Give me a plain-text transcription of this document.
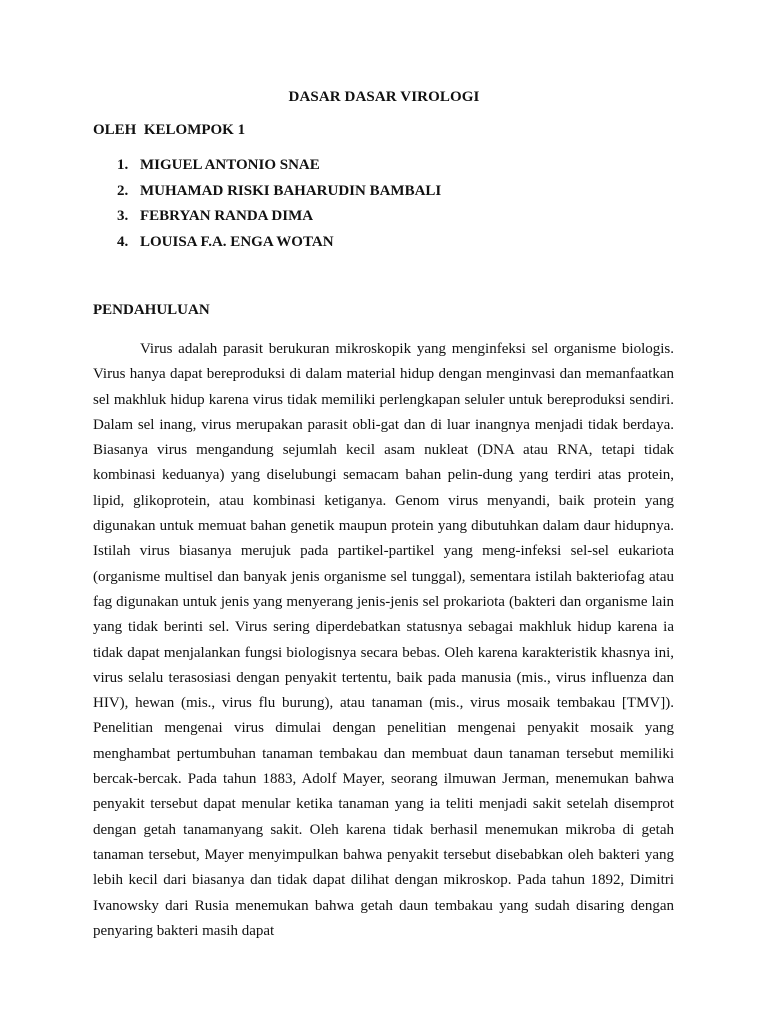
DASAR DASAR VIROLOGI
OLEH  KELOMPOK 1
1. MIGUEL ANTONIO SNAE
2. MUHAMAD RISKI BAHARUDIN BAMBALI
3. FEBRYAN RANDA DIMA
4. LOUISA F.A. ENGA WOTAN
PENDAHULUAN

Virus adalah parasit berukuran mikroskopik yang menginfeksi sel organisme biologis. Virus hanya dapat bereproduksi di dalam material hidup dengan menginvasi dan memanfaatkan sel makhluk hidup karena virus tidak memiliki perlengkapan seluler untuk bereproduksi sendiri. Dalam sel inang, virus merupakan parasit obli-gat dan di luar inangnya menjadi tidak berdaya. Biasanya virus mengandung sejumlah kecil asam nukleat (DNA atau RNA, tetapi tidak kombinasi keduanya) yang diselubungi semacam bahan pelin-dung yang terdiri atas protein, lipid, glikoprotein, atau kombinasi ketiganya. Genom virus menyandi, baik protein yang digunakan untuk memuat bahan genetik maupun protein yang dibutuhkan dalam daur hidupnya. Istilah virus biasanya merujuk pada partikel-partikel yang meng-infeksi sel-sel eukariota (organisme multisel dan banyak jenis organisme sel tunggal), sementara istilah bakteriofag atau fag digunakan untuk jenis yang menyerang jenis-jenis sel prokariota (bakteri dan organisme lain yang tidak berinti sel. Virus sering diperdebatkan statusnya sebagai makhluk hidup karena ia tidak dapat menjalankan fungsi biologisnya secara bebas. Oleh karena karakteristik khasnya ini, virus selalu terasosiasi dengan penyakit tertentu, baik pada manusia (mis., virus influenza dan HIV), hewan (mis., virus flu burung), atau tanaman (mis., virus mosaik tembakau [TMV]). Penelitian mengenai virus dimulai dengan penelitian mengenai penyakit mosaik yang menghambat pertumbuhan tanaman tembakau dan membuat daun tanaman tersebut memiliki bercak-bercak. Pada tahun 1883, Adolf Mayer, seorang ilmuwan Jerman, menemukan bahwa penyakit tersebut dapat menular ketika tanaman yang ia teliti menjadi sakit setelah disemprot dengan getah tanamanyang sakit. Oleh karena tidak berhasil menemukan mikroba di getah tanaman tersebut, Mayer menyimpulkan bahwa penyakit tersebut disebabkan oleh bakteri yang lebih kecil dari biasanya dan tidak dapat dilihat dengan mikroskop. Pada tahun 1892, Dimitri Ivanowsky dari Rusia menemukan bahwa getah daun tembakau yang sudah disaring dengan penyaring bakteri masih dapat
